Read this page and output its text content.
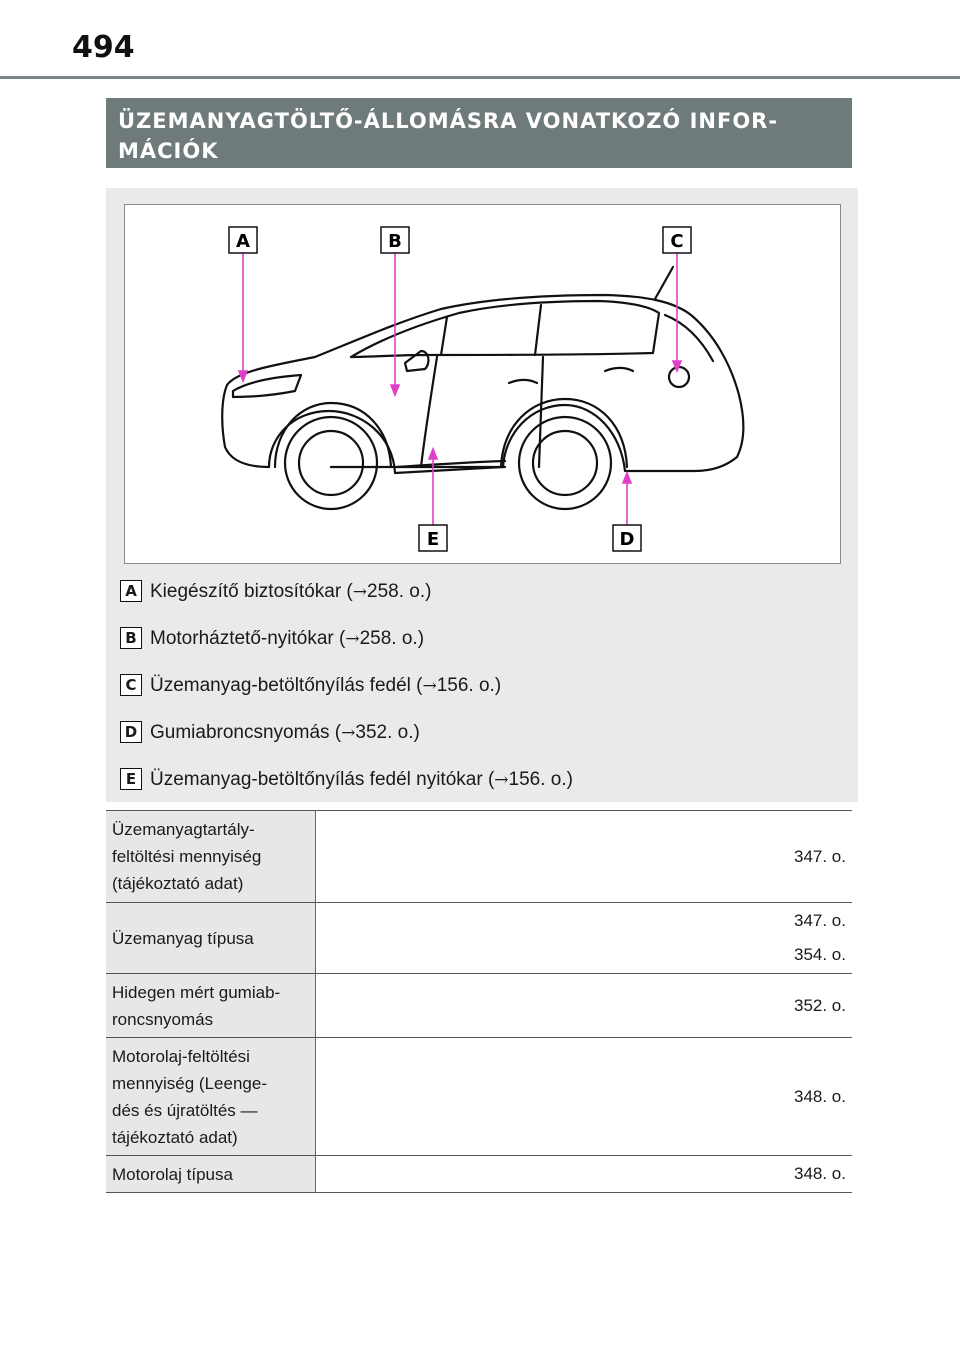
494
ÜZEMANYAGTÖLTŐ-ÁLLOMÁSRA VONATKOZÓ INFOR-MÁCIÓK
A	B	C
E	D
A Kiegészítő biztosítókar (→258. o.)
B Motorháztető-nyitókar (→258. o.)
C Üzemanyag-betöltőnyílás fedél (→156. o.)
D Gumiabroncsnyomás (→352. o.)
E Üzemanyag-betöltőnyílás fedél nyitókar (→156. o.)
Üzemanyagtartály-
feltöltési mennyiség
(tájékoztató adat)	347. o.

Üzemanyag típusa	347. o.
354. o.

Hidegen mért gumiab-
roncsnyomás	352. o.

Motorolaj-feltöltési
mennyiség (Leenge-
dés és újratöltés —
tájékoztató adat)	348. o.

Motorolaj típusa	348. o.
